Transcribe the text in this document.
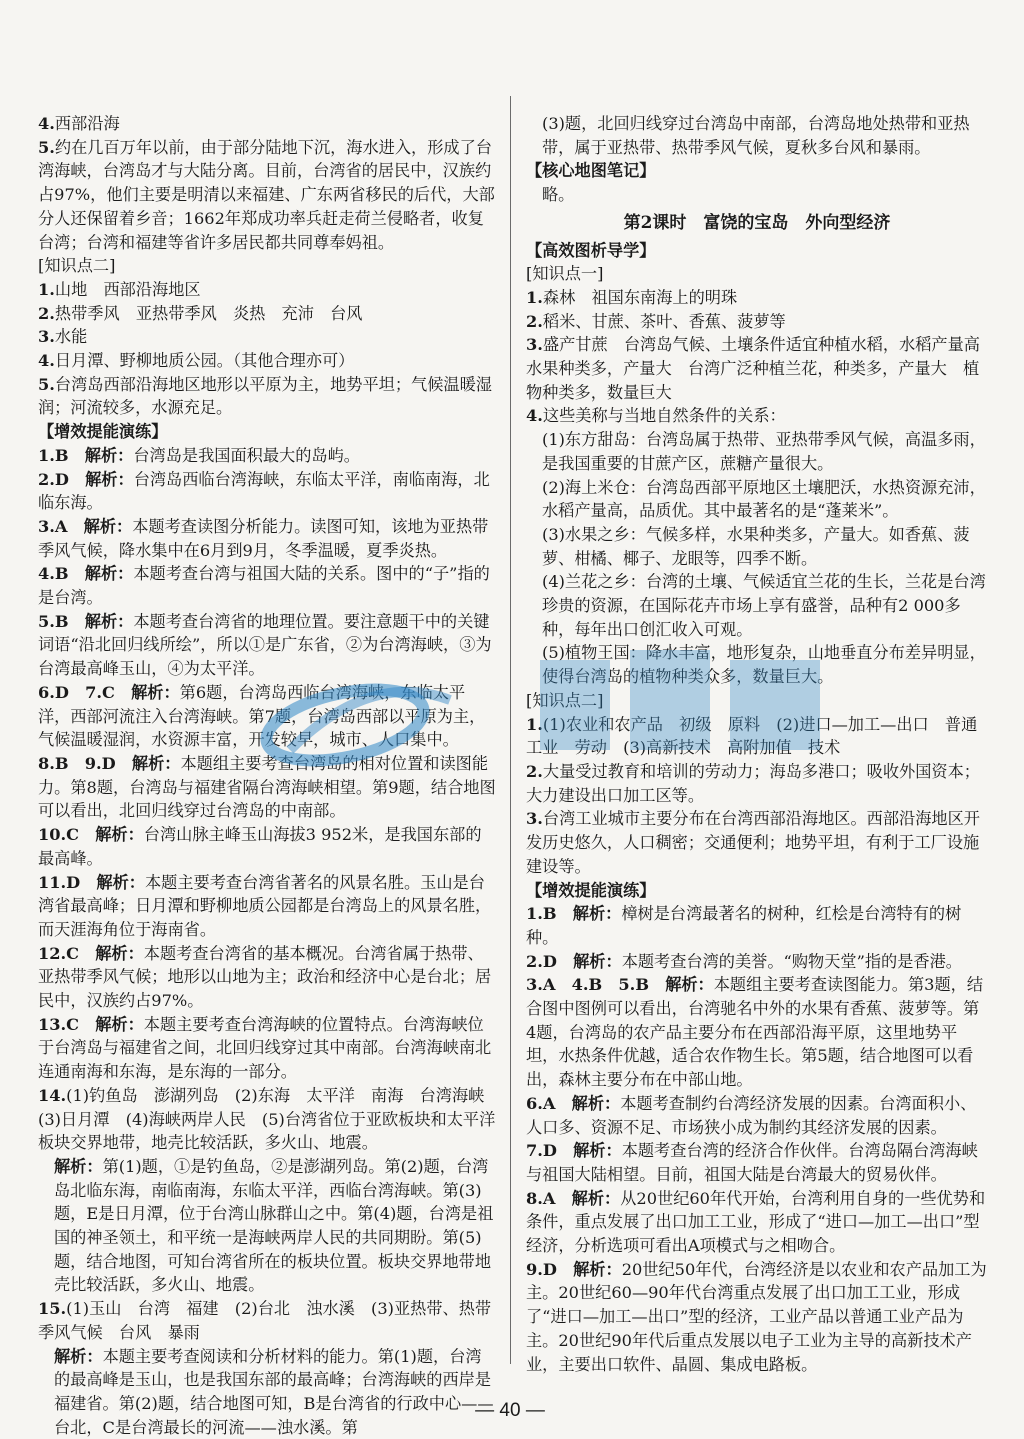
4.西部沿海
5.约在几百万年以前，由于部分陆地下沉，海水进入，形成了台湾海峡，台湾岛才与大陆分离。目前，台湾省的居民中，汉族约占97%，他们主要是明清以来福建、广东两省移民的后代，大部分人还保留着乡音；1662年郑成功率兵赶走荷兰侵略者，收复台湾；台湾和福建等省许多居民都共同尊奉妈祖。
[知识点二]
1.山地　西部沿海地区
2.热带季风　亚热带季风　炎热　充沛　台风
3.水能
4.日月潭、野柳地质公园。（其他合理亦可）
5.台湾岛西部沿海地区地形以平原为主，地势平坦；气候温暖湿润；河流较多，水源充足。
【增效提能演练】
1.B　 解析：台湾岛是我国面积最大的岛屿。
2.D　 解析：台湾岛西临台湾海峡，东临太平洋，南临南海，北临东海。
3.A　 解析：本题考查读图分析能力。读图可知，该地为亚热带季风气候，降水集中在6月到9月，冬季温暖，夏季炎热。
4.B　 解析：本题考查台湾与祖国大陆的关系。图中的“子”指的是台湾。
5.B　 解析：本题考查台湾省的地理位置。要注意题干中的关键词语“沿北回归线所绘”，所以①是广东省，②为台湾海峡，③为台湾最高峰玉山，④为太平洋。
6.D　7.C　 解析：第6题，台湾岛西临台湾海峡，东临太平洋，西部河流注入台湾海峡。第7题，台湾岛西部以平原为主，气候温暖湿润，水资源丰富，开发较早，城市、人口集中。
8.B　9.D　 解析：本题组主要考查台湾岛的相对位置和读图能力。第8题，台湾岛与福建省隔台湾海峡相望。第9题，结合地图可以看出，北回归线穿过台湾岛的中南部。
10.C　 解析：台湾山脉主峰玉山海拔3 952米，是我国东部的最高峰。
11.D　 解析：本题主要考查台湾省著名的风景名胜。玉山是台湾省最高峰；日月潭和野柳地质公园都是台湾岛上的风景名胜，而天涯海角位于海南省。
12.C　 解析：本题考查台湾省的基本概况。台湾省属于热带、亚热带季风气候；地形以山地为主；政治和经济中心是台北；居民中，汉族约占97%。
13.C　 解析：本题主要考查台湾海峡的位置特点。台湾海峡位于台湾岛与福建省之间，北回归线穿过其中南部。台湾海峡南北连通南海和东海，是东海的一部分。
14.(1)钓鱼岛　澎湖列岛　(2)东海　太平洋　南海　台湾海峡　(3)日月潭　(4)海峡两岸人民　(5)台湾省位于亚欧板块和太平洋板块交界地带，地壳比较活跃，多火山、地震。
解析：第(1)题，①是钓鱼岛，②是澎湖列岛。第(2)题，台湾岛北临东海，南临南海，东临太平洋，西临台湾海峡。第(3)题，E是日月潭，位于台湾山脉群山之中。第(4)题，台湾是祖国的神圣领土，和平统一是海峡两岸人民的共同期盼。第(5)题，结合地图，可知台湾省所在的板块位置。板块交界地带地壳比较活跃，多火山、地震。
15.(1)玉山　台湾　福建　(2)台北　浊水溪　(3)亚热带、热带季风气候　台风　暴雨
解析：本题主要考查阅读和分析材料的能力。第(1)题，台湾的最高峰是玉山，也是我国东部的最高峰；台湾海峡的西岸是福建省。第(2)题，结合地图可知，B是台湾省的行政中心——台北，C是台湾最长的河流——浊水溪。第
(3)题，北回归线穿过台湾岛中南部，台湾岛地处热带和亚热带，属于亚热带、热带季风气候，夏秋多台风和暴雨。
【核心地图笔记】
略。
第2课时　富饶的宝岛　外向型经济
【高效图析导学】
[知识点一]
1.森林　祖国东南海上的明珠
2.稻米、甘蔗、茶叶、香蕉、菠萝等
3.盛产甘蔗　台湾岛气候、土壤条件适宜种植水稻，水稻产量高　水果种类多，产量大　台湾广泛种植兰花，种类多，产量大　植物种类多，数量巨大
4.这些美称与当地自然条件的关系：
(1)东方甜岛：台湾岛属于热带、亚热带季风气候，高温多雨，是我国重要的甘蔗产区，蔗糖产量很大。
(2)海上米仓：台湾岛西部平原地区土壤肥沃，水热资源充沛，水稻产量高，品质优。其中最著名的是“蓬莱米”。
(3)水果之乡：气候多样，水果种类多，产量大。如香蕉、菠萝、柑橘、椰子、龙眼等，四季不断。
(4)兰花之乡：台湾的土壤、气候适宜兰花的生长，兰花是台湾珍贵的资源，在国际花卉市场上享有盛誉，品种有2 000多种，每年出口创汇收入可观。
(5)植物王国：降水丰富，地形复杂，山地垂直分布差异明显，使得台湾岛的植物种类众多，数量巨大。
[知识点二]
1.(1)农业和农产品　初级　原料　(2)进口—加工—出口　普通工业　劳动　(3)高新技术　高附加值　技术
2.大量受过教育和培训的劳动力；海岛多港口；吸收外国资本；大力建设出口加工区等。
3.台湾工业城市主要分布在台湾西部沿海地区。西部沿海地区开发历史悠久，人口稠密；交通便利；地势平坦，有利于工厂设施建设等。
【增效提能演练】
1.B　 解析：樟树是台湾最著名的树种，红桧是台湾特有的树种。
2.D　 解析：本题考查台湾的美誉。“购物天堂”指的是香港。
3.A　4.B　5.B　 解析：本题组主要考查读图能力。第3题，结合图中图例可以看出，台湾驰名中外的水果有香蕉、菠萝等。第4题，台湾岛的农产品主要分布在西部沿海平原，这里地势平坦，水热条件优越，适合农作物生长。第5题，结合地图可以看出，森林主要分布在中部山地。
6.A　 解析：本题考查制约台湾经济发展的因素。台湾面积小、人口多、资源不足、市场狭小成为制约其经济发展的因素。
7.D　 解析：本题考查台湾的经济合作伙伴。台湾岛隔台湾海峡与祖国大陆相望。目前，祖国大陆是台湾最大的贸易伙伴。
8.A　 解析：从20世纪60年代开始，台湾利用自身的一些优势和条件，重点发展了出口加工工业，形成了“进口—加工—出口”型经济，分析选项可看出A项模式与之相吻合。
9.D　 解析：20世纪50年代，台湾经济是以农业和农产品加工为主。20世纪60—90年代台湾重点发展了出口加工工业，形成了“进口—加工—出口”型的经济，工业产品以普通工业产品为主。20世纪90年代后重点发展以电子工业为主导的高新技术产业，主要出口软件、晶圆、集成电路板。
— 40 —
